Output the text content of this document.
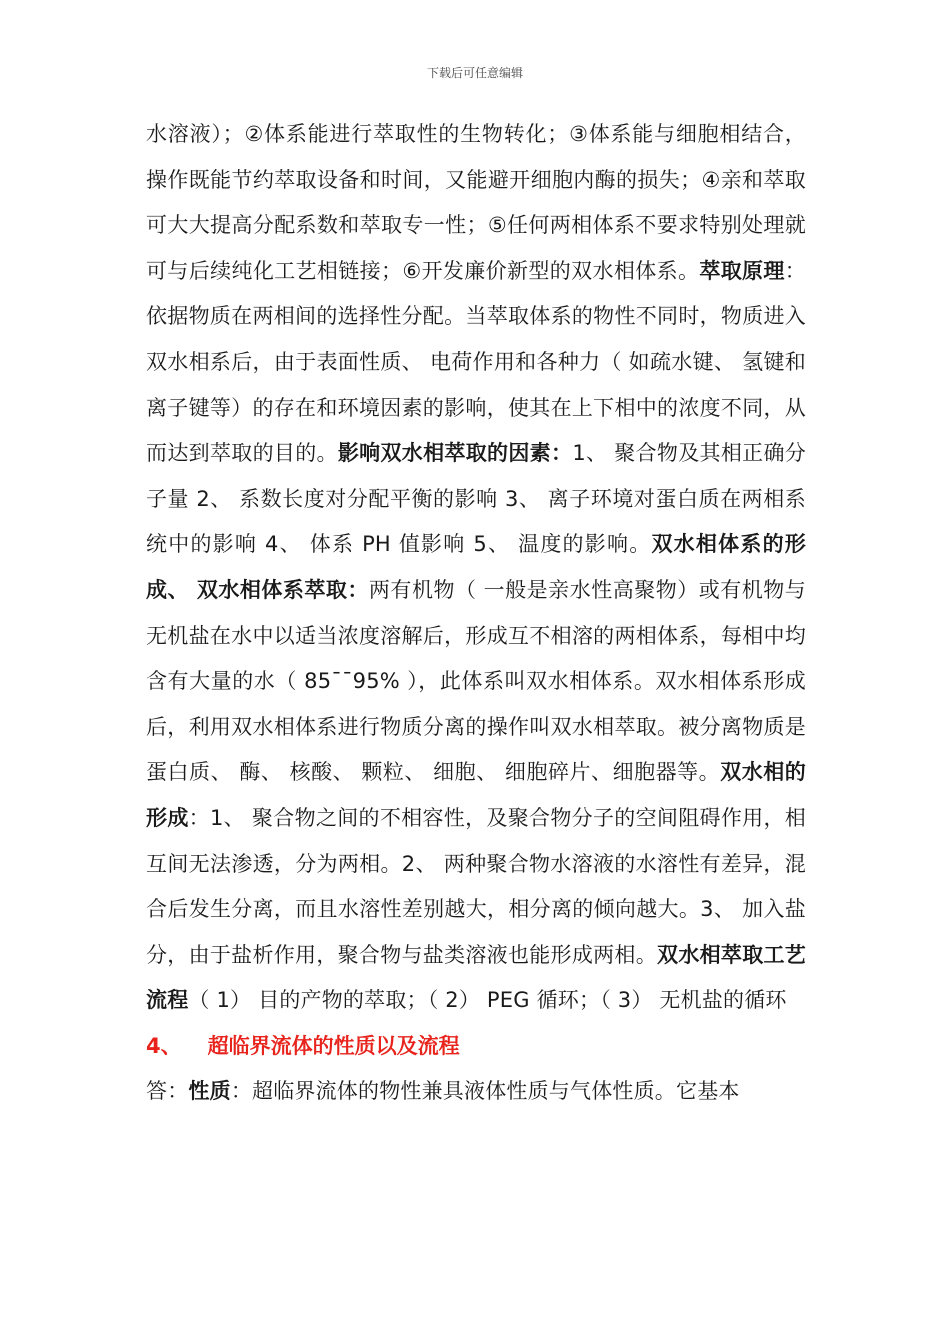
下载后可任意编辑

水溶液）；②体系能进行萃取性的生物转化；③体系能与细胞相结合，操作既能节约萃取设备和时间，又能避开细胞内酶的损失；④亲和萃取可大大提高分配系数和萃取专一性；⑤任何两相体系不要求特别处理就可与后续纯化工艺相链接；⑥开发廉价新型的双水相体系。萃取原理：依据物质在两相间的选择性分配。当萃取体系的物性不同时，物质进入双水相系后，由于表面性质、 电荷作用和各种力（ 如疏水键、 氢键和离子键等）的存在和环境因素的影响，使其在上下相中的浓度不同，从而达到萃取的目的。影响双水相萃取的因素：1、 聚合物及其相正确分子量 2、 系数长度对分配平衡的影响 3、 离子环境对蛋白质在两相系统中的影响 4、 体系 PH 值影响 5、 温度的影响。双水相体系的形成、 双水相体系萃取：两有机物（ 一般是亲水性高聚物）或有机物与无机盐在水中以适当浓度溶解后，形成互不相溶的两相体系，每相中均含有大量的水（ 85¯¯95% ），此体系叫双水相体系。双水相体系形成后，利用双水相体系进行物质分离的操作叫双水相萃取。被分离物质是蛋白质、 酶、 核酸、 颗粒、 细胞、 细胞碎片、细胞器等。双水相的形成：1、 聚合物之间的不相容性，及聚合物分子的空间阻碍作用，相互间无法渗透，分为两相。2、 两种聚合物水溶液的水溶性有差异，混合后发生分离，而且水溶性差别越大，相分离的倾向越大。3、 加入盐分，由于盐析作用，聚合物与盐类溶液也能形成两相。双水相萃取工艺流程（ 1） 目的产物的萃取；（ 2） PEG 循环；（ 3） 无机盐的循环

4、 超临界流体的性质以及流程

答：性质：超临界流体的物性兼具液体性质与气体性质。它基本
